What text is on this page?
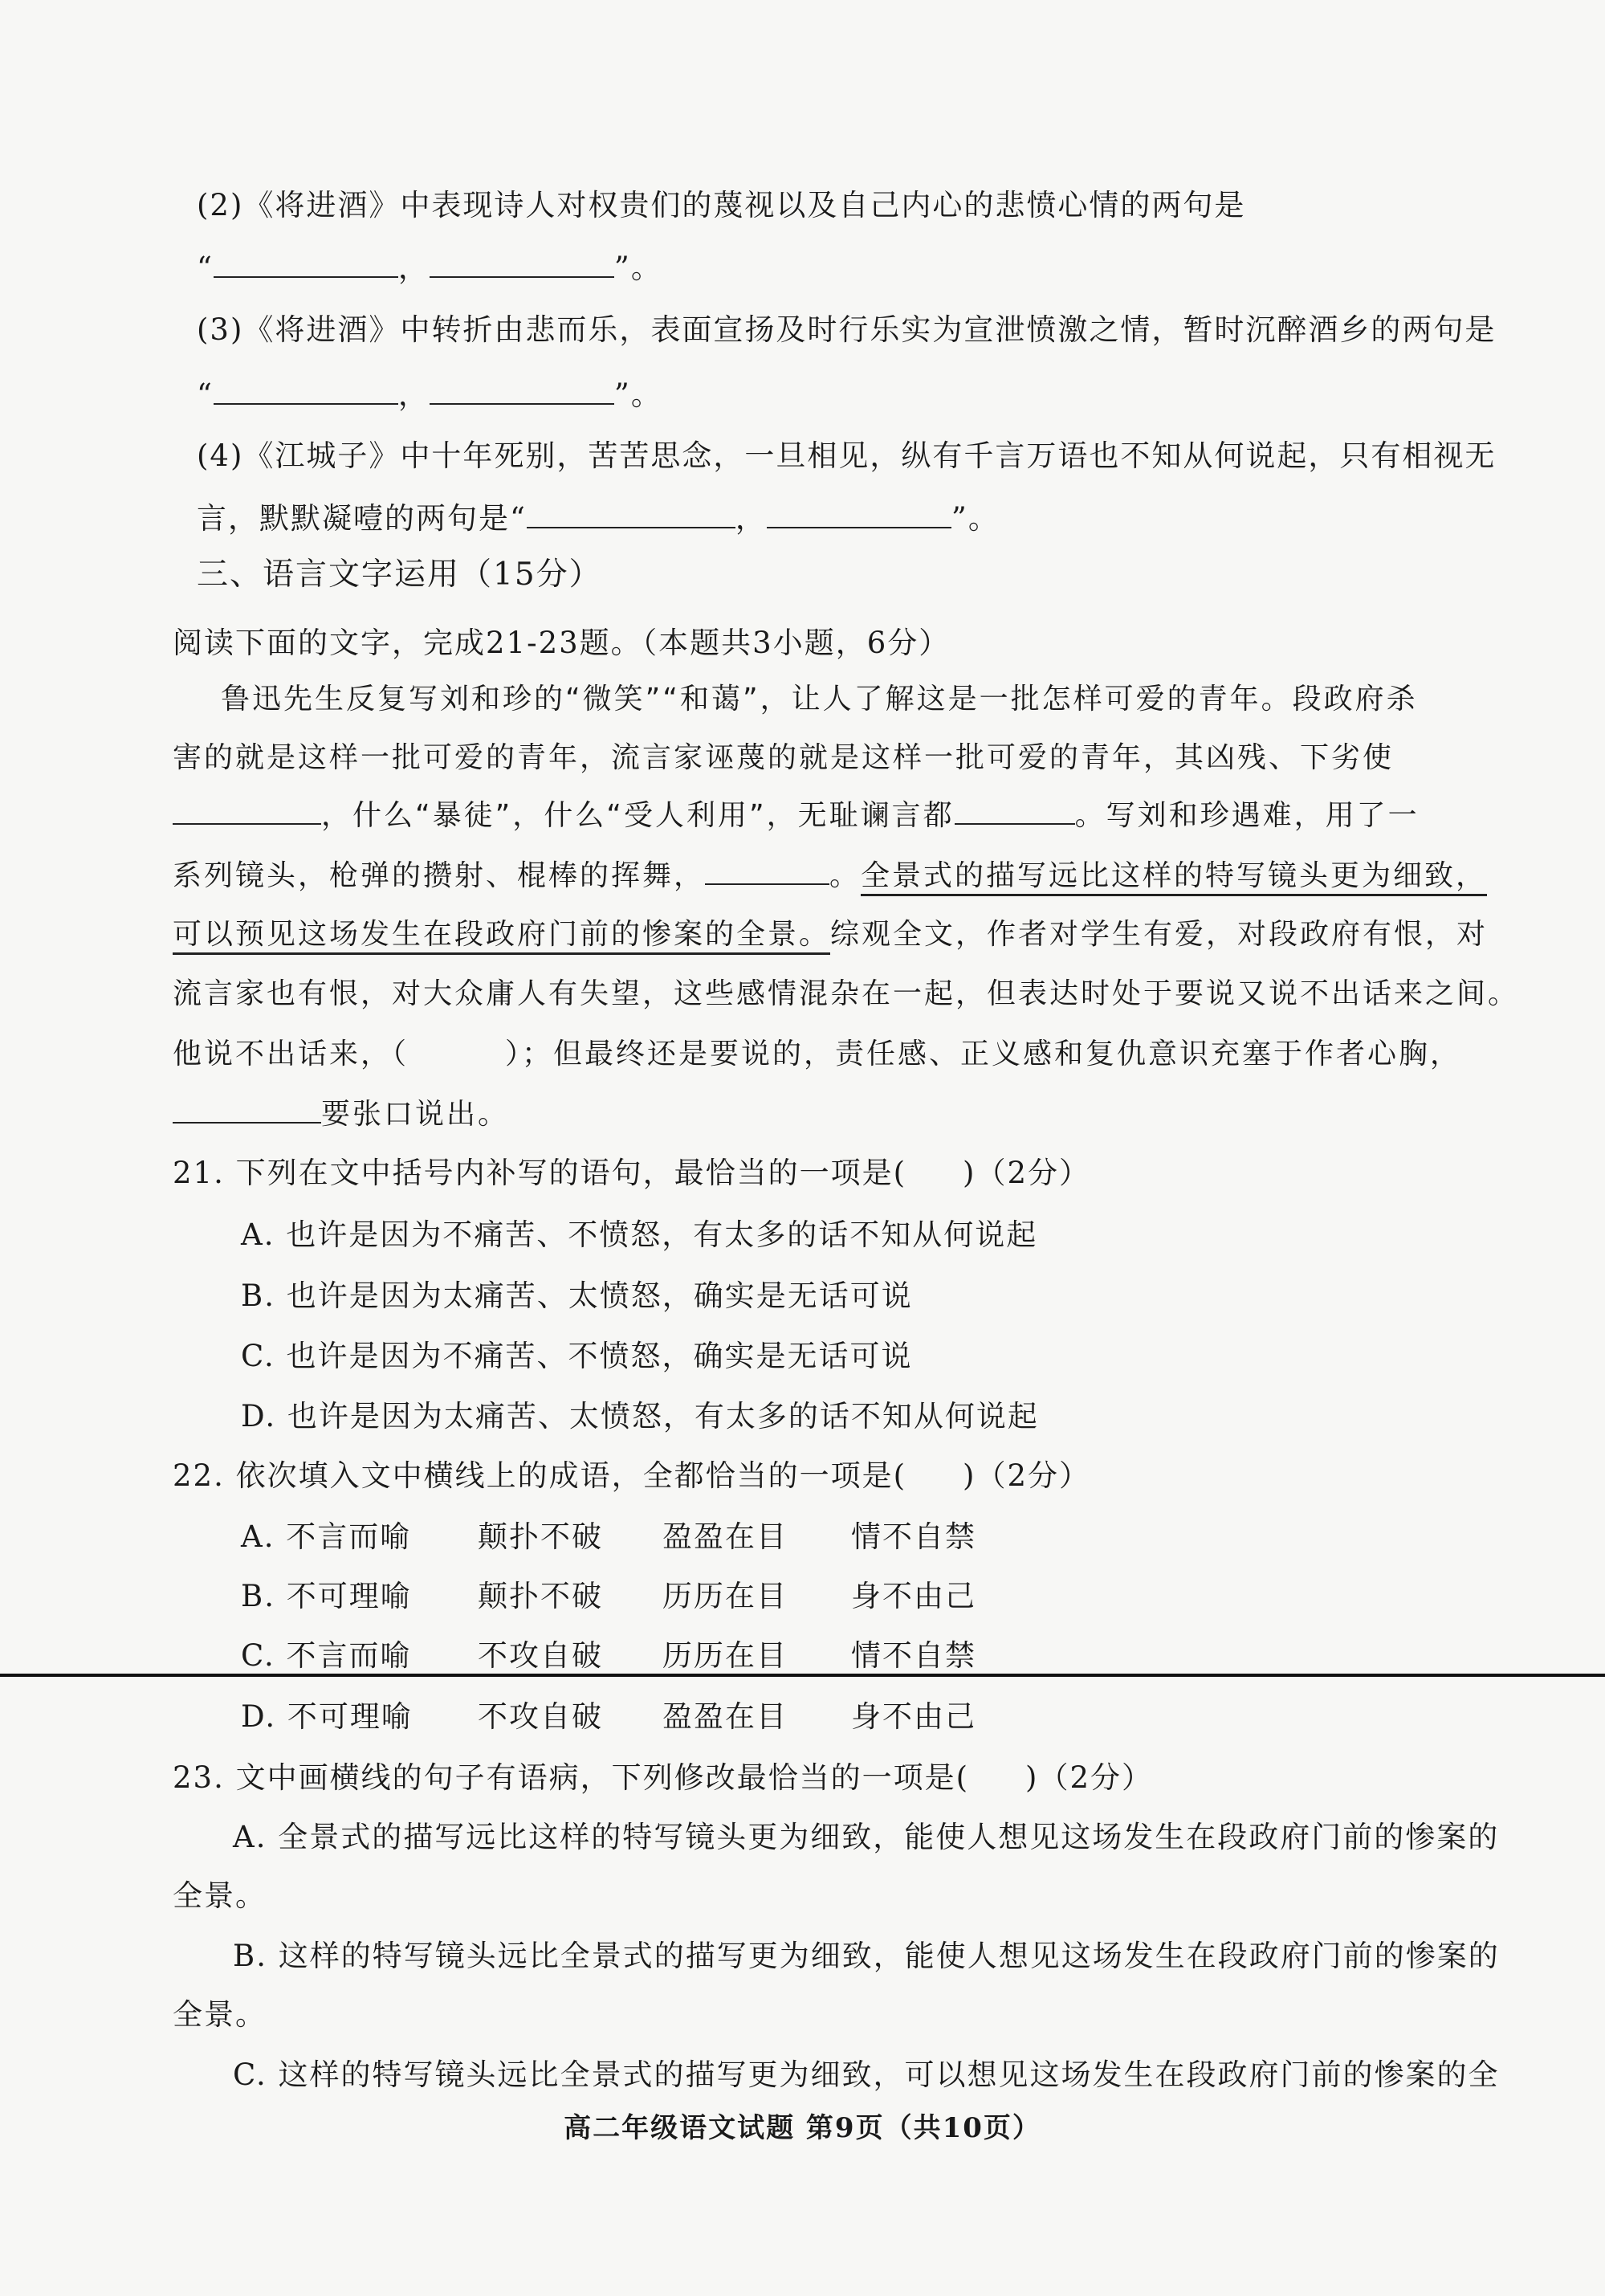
(2)《将进酒》中表现诗人对权贵们的蔑视以及自己内心的悲愤心情的两句是
“	，	”。
(3)《将进酒》中转折由悲而乐，表面宣扬及时行乐实为宣泄愤激之情，暂时沉醉酒乡的两句是
“	，	”。
(4)《江城子》中十年死别，苦苦思念，一旦相见，纵有千言万语也不知从何说起，只有相视无
言，默默凝噎的两句是“	，	”。
三、语言文字运用（15分）
阅读下面的文字，完成21-23题。（本题共3小题，6分）
鲁迅先生反复写刘和珍的“微笑”“和蔼”，让人了解这是一批怎样可爱的青年。段政府杀
害的就是这样一批可爱的青年，流言家诬蔑的就是这样一批可爱的青年，其凶残、下劣使
，什么“暴徒”，什么“受人利用”，无耻谰言都	。写刘和珍遇难，用了一
系列镜头，枪弹的攒射、棍棒的挥舞，	。全景式的描写远比这样的特写镜头更为细致，
可以预见这场发生在段政府门前的惨案的全景。综观全文，作者对学生有爱，对段政府有恨，对
流言家也有恨，对大众庸人有失望，这些感情混杂在一起，但表达时处于要说又说不出话来之间。
他说不出话来，（	）；但最终还是要说的，责任感、正义感和复仇意识充塞于作者心胸，
要张口说出。
21. 下列在文中括号内补写的语句，最恰当的一项是( )（2分）
A. 也许是因为不痛苦、不愤怒，有太多的话不知从何说起
B. 也许是因为太痛苦、太愤怒，确实是无话可说
C. 也许是因为不痛苦、不愤怒，确实是无话可说
D. 也许是因为太痛苦、太愤怒，有太多的话不知从何说起
22. 依次填入文中横线上的成语，全都恰当的一项是( )（2分）
A. 不言而喻 颠扑不破 盈盈在目 情不自禁
B. 不可理喻 颠扑不破 历历在目 身不由己
C. 不言而喻 不攻自破 历历在目 情不自禁
D. 不可理喻 不攻自破 盈盈在目 身不由己
23. 文中画横线的句子有语病，下列修改最恰当的一项是( )（2分）
A. 全景式的描写远比这样的特写镜头更为细致，能使人想见这场发生在段政府门前的惨案的
全景。
B. 这样的特写镜头远比全景式的描写更为细致，能使人想见这场发生在段政府门前的惨案的
全景。
C. 这样的特写镜头远比全景式的描写更为细致，可以想见这场发生在段政府门前的惨案的全
高二年级语文试题 第9页（共10页）
